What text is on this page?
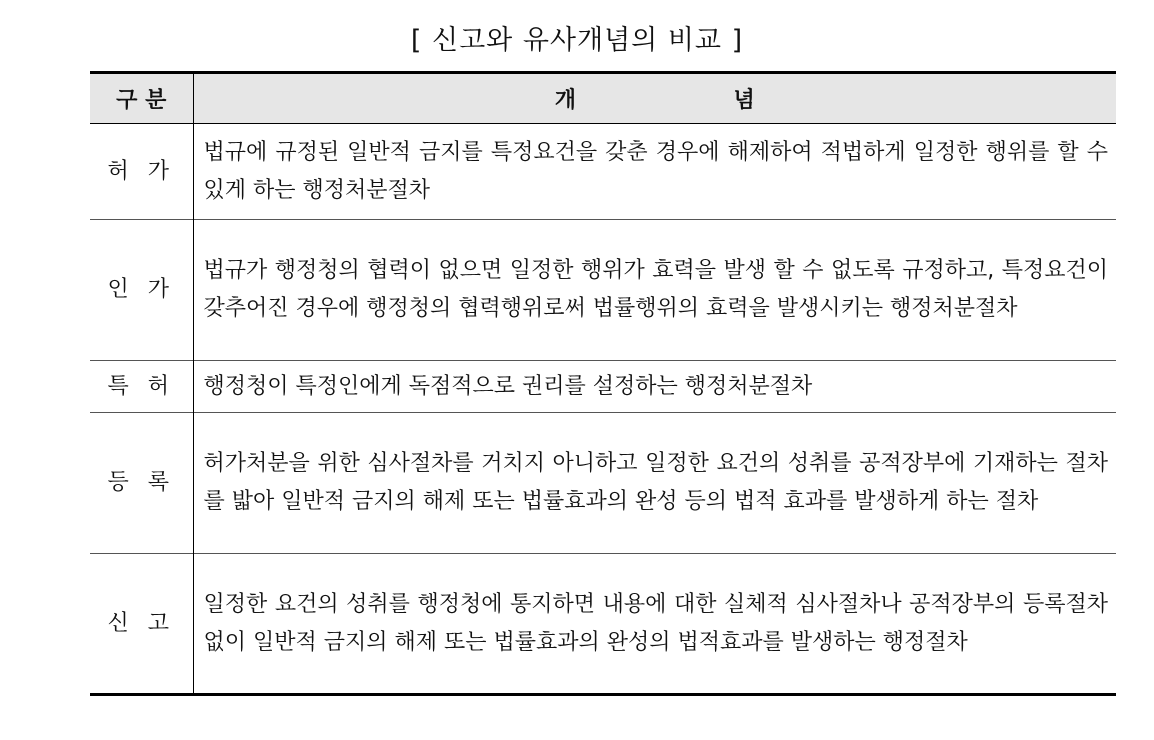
[ 신고와 유사개념의 비교 ]
구 분	개 념
허 가	법규에 규정된 일반적 금지를 특정요건을 갖춘 경우에 해제하여 적법하게 일정한 행위를 할 수 있게 하는 행정처분절차
인 가	법규가 행정청의 협력이 없으면 일정한 행위가 효력을 발생 할 수 없도록 규정하고, 특정요건이 갖추어진 경우에 행정청의 협력행위로써 법률행위의 효력을 발생시키는 행정처분절차
특 허	행정청이 특정인에게 독점적으로 권리를 설정하는 행정처분절차
등 록	허가처분을 위한 심사절차를 거치지 아니하고 일정한 요건의 성취를 공적장부에 기재하는 절차를 밟아 일반적 금지의 해제 또는 법률효과의 완성 등의 법적 효과를 발생하게 하는 절차
신 고	일정한 요건의 성취를 행정청에 통지하면 내용에 대한 실체적 심사절차나 공적장부의 등록절차 없이 일반적 금지의 해제 또는 법률효과의 완성의 법적효과를 발생하는 행정절차
